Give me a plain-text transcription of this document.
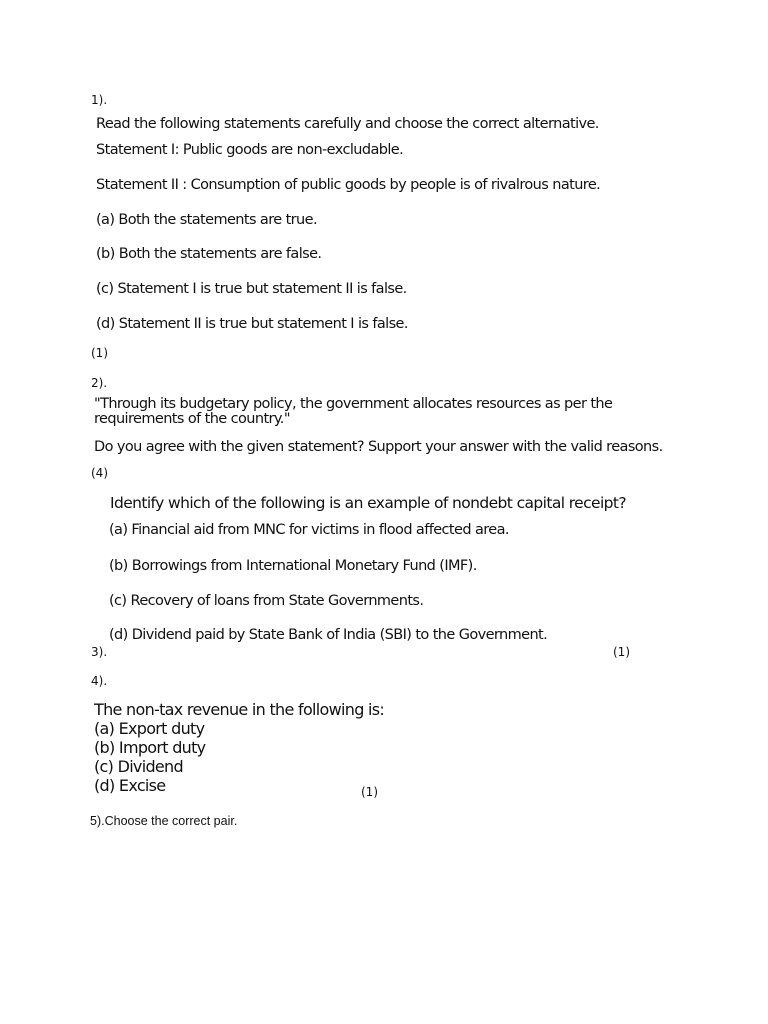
1).
Read the following statements carefully and choose the correct alternative.
Statement I: Public goods are non-excludable.
Statement II : Consumption of public goods by people is of rivalrous nature.
(a) Both the statements are true.
(b) Both the statements are false.
(c) Statement I is true but statement II is false.
(d) Statement II is true but statement I is false.
(1)
2).
"Through its budgetary policy, the government allocates resources as per the requirements of the country."
Do you agree with the given statement? Support your answer with the valid reasons.
(4)
Identify which of the following is an example of nondebt capital receipt?
(a) Financial aid from MNC for victims in flood affected area.
(b) Borrowings from International Monetary Fund (IMF).
(c) Recovery of loans from State Governments.
(d) Dividend paid by State Bank of India (SBI) to the Government.
3).	(1)
4).
The non-tax revenue in the following is:
(a) Export duty
(b) Import duty
(c) Dividend
(d) Excise	(1)
5).Choose the correct pair.
